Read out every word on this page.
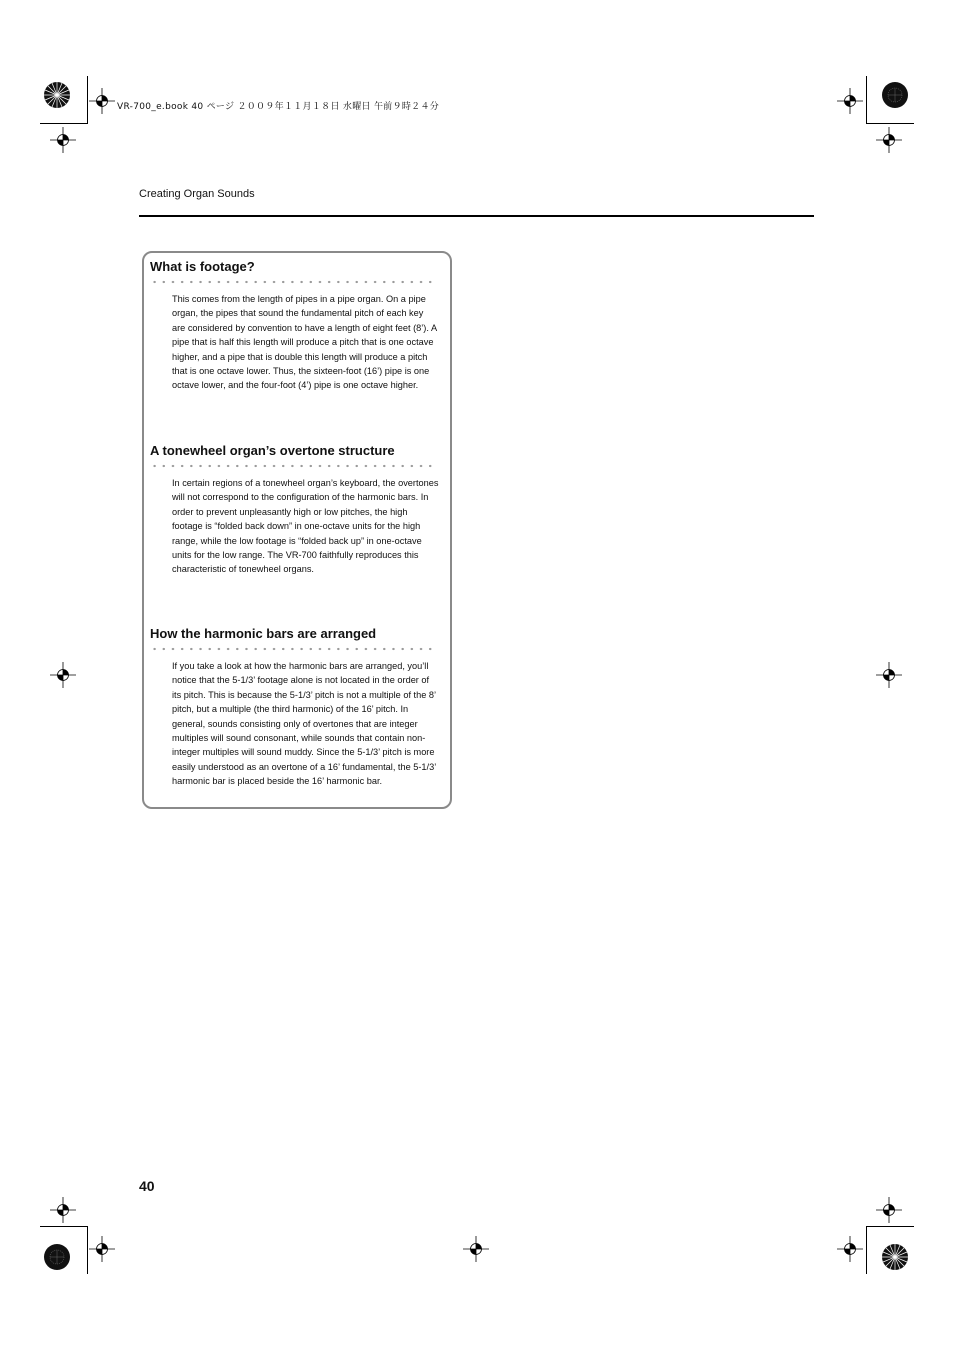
VR-700_e.book 40 ページ ２００９年１１月１８日 水曜日 午前９時２４分
Creating Organ Sounds
What is footage?

This comes from the length of pipes in a pipe organ. On a pipe organ, the pipes that sound the fundamental pitch of each key are considered by convention to have a length of eight feet (8’). A pipe that is half this length will produce a pitch that is one octave higher, and a pipe that is double this length will produce a pitch that is one octave lower. Thus, the sixteen-foot (16’) pipe is one octave lower, and the four-foot (4’) pipe is one octave higher.

A tonewheel organ’s overtone structure

In certain regions of a tonewheel organ’s keyboard, the overtones will not correspond to the configuration of the harmonic bars. In order to prevent unpleasantly high or low pitches, the high footage is “folded back down” in one-octave units for the high range, while the low footage is “folded back up” in one-octave units for the low range. The VR-700 faithfully reproduces this characteristic of tonewheel organs.

How the harmonic bars are arranged

If you take a look at how the harmonic bars are arranged, you’ll notice that the 5-1/3’ footage alone is not located in the order of its pitch. This is because the 5-1/3’ pitch is not a multiple of the 8’ pitch, but a multiple (the third harmonic) of the 16’ pitch. In general, sounds consisting only of overtones that are integer multiples will sound consonant, while sounds that contain non-integer multiples will sound muddy. Since the 5-1/3’ pitch is more easily understood as an overtone of a 16’ fundamental, the 5-1/3’ harmonic bar is placed beside the 16’ harmonic bar.

40
